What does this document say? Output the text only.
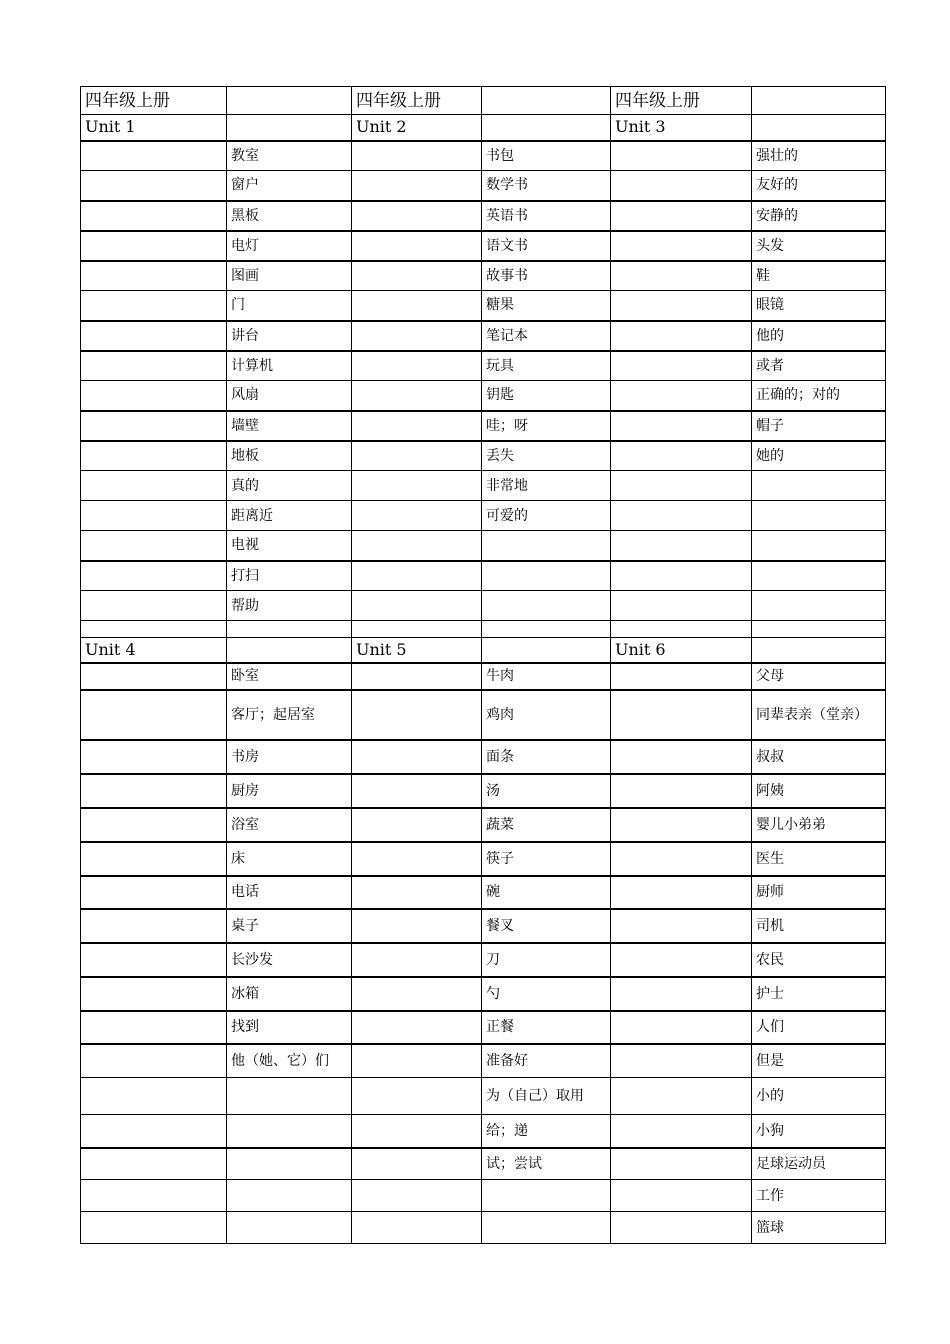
四年级上册		四年级上册		四年级上册	
Unit 1		Unit 2		Unit 3	
	教室		书包		强壮的
	窗户		数学书		友好的
	黑板		英语书		安静的
	电灯		语文书		头发
	图画		故事书		鞋
	门		糖果		眼镜
	讲台		笔记本		他的
	计算机		玩具		或者
	风扇		钥匙		正确的；对的
	墙壁		哇；呀		帽子
	地板		丢失		她的
	真的		非常地		
	距离近		可爱的		
	电视				
	打扫				
	帮助				

Unit 4		Unit 5		Unit 6	
	卧室		牛肉		父母
	客厅；起居室		鸡肉		同辈表亲（堂亲）
	书房		面条		叔叔
	厨房		汤		阿姨
	浴室		蔬菜		婴儿小弟弟
	床		筷子		医生
	电话		碗		厨师
	桌子		餐叉		司机
	长沙发		刀		农民
	冰箱		勺		护士
	找到		正餐		人们
	他（她、它）们		准备好		但是
			为（自己）取用		小的
			给；递		小狗
			试；尝试		足球运动员
					工作
					篮球
